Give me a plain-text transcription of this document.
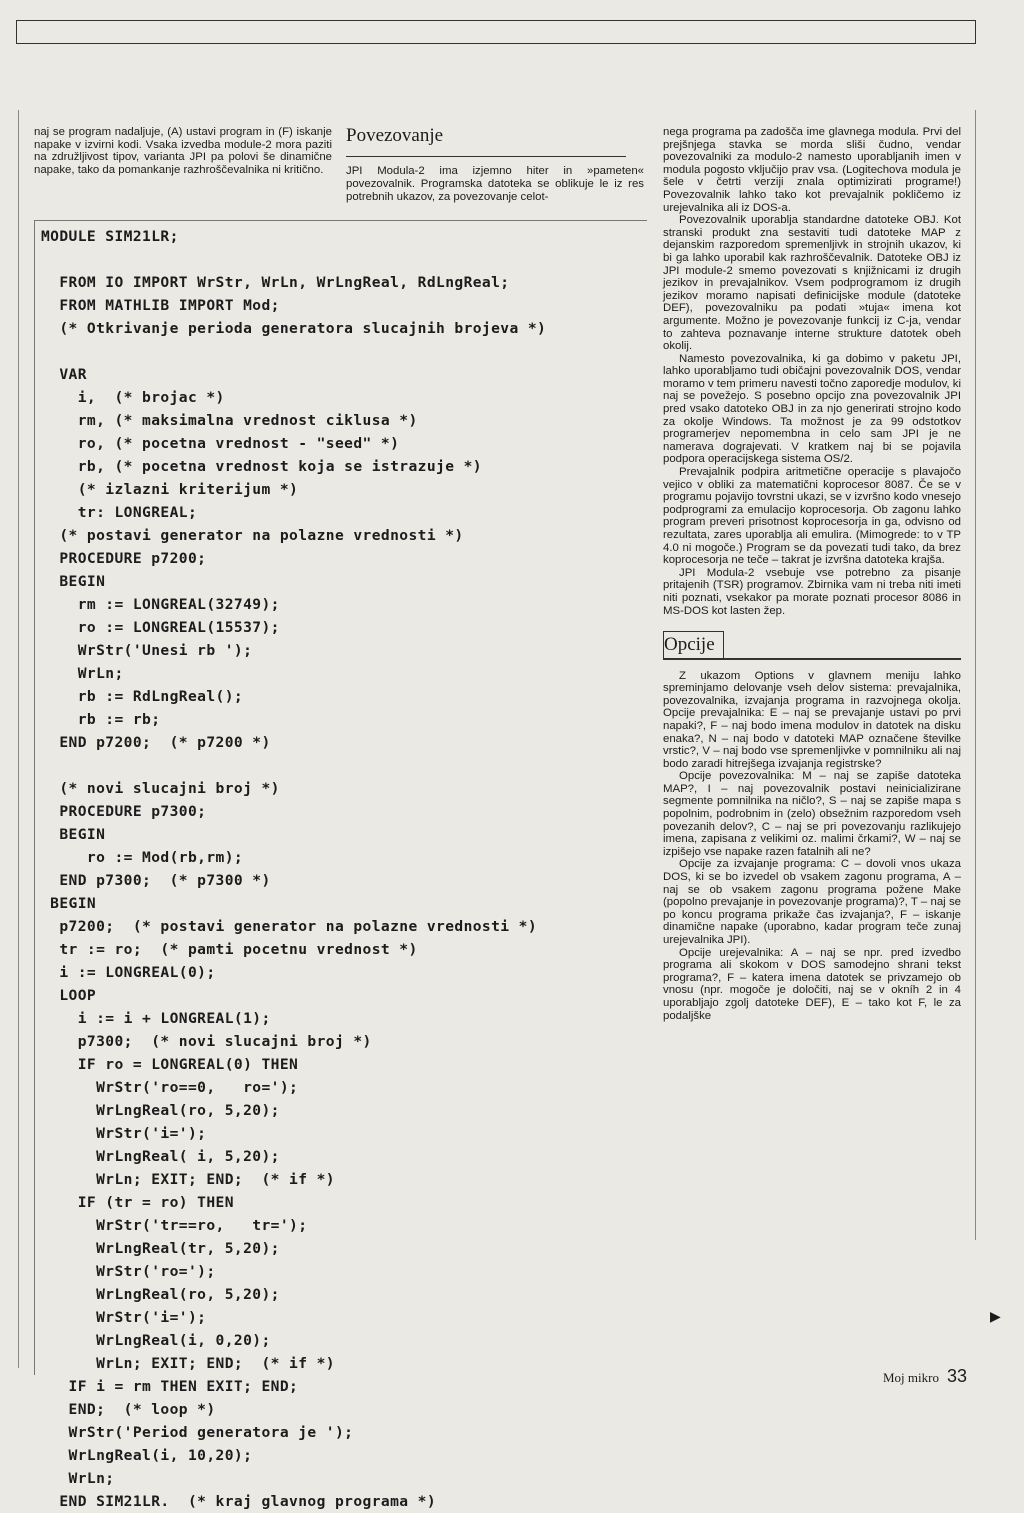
naj se program nadaljuje, (A) ustavi program in (F) iskanje napake v izvirni kodi. Vsaka izvedba module-2 mora paziti na združljivost tipov, varianta JPI pa polovi še dinamične napake, tako da pomankanje razhroščevalnika ni kritično.

Povezovanje

JPI Modula-2 ima izjemno hiter in »pameten« povezovalnik. Programska datoteka se oblikuje le iz res potrebnih ukazov, za povezovanje celot-

MODULE SIM21LR;
FROM IO IMPORT WrStr, WrLn, WrLngReal, RdLngReal;
FROM MATHLIB IMPORT Mod;
(* Otkrivanje perioda generatora slucajnih brojeva *)
VAR
i,  (* brojac *)
rm, (* maksimalna vrednost ciklusa *)
ro, (* pocetna vrednost - "seed" *)
rb, (* pocetna vrednost koja se istrazuje *)
(* izlazni kriterijum *)
tr: LONGREAL;
(* postavi generator na polazne vrednosti *)
PROCEDURE p7200;
BEGIN
rm := LONGREAL(32749);
ro := LONGREAL(15537);
WrStr('Unesi rb ');
WrLn;
rb := RdLngReal();
rb := rb;
END p7200;  (* p7200 *)
(* novi slucajni broj *)
PROCEDURE p7300;
BEGIN
ro := Mod(rb,rm);
END p7300;  (* p7300 *)
BEGIN
p7200;  (* postavi generator na polazne vrednosti *)
tr := ro;  (* pamti pocetnu vrednost *)
i := LONGREAL(0);
LOOP
i := i + LONGREAL(1);
p7300;  (* novi slucajni broj *)
IF ro = LONGREAL(0) THEN
WrStr('ro==0,   ro=');
WrLngReal(ro, 5,20);
WrStr('i=');
WrLngReal( i, 5,20);
WrLn; EXIT; END;  (* if *)
IF (tr = ro) THEN
WrStr('tr==ro,   tr=');
WrLngReal(tr, 5,20);
WrStr('ro=');
WrLngReal(ro, 5,20);
WrStr('i=');
WrLngReal(i, 0,20);
WrLn; EXIT; END;  (* if *)
IF i = rm THEN EXIT; END;
END;  (* loop *)
WrStr('Period generatora je ');
WrLngReal(i, 10,20);
WrLn;
END SIM21LR.  (* kraj glavnog programa *)

nega programa pa zadošča ime glavnega modula. Prvi del prejšnjega stavka se morda sliši čudno, vendar povezovalniki za modulo-2 namesto uporabljanih imen v modula pogosto vključijo prav vsa. (Logitechova modula je šele v četrti verziji znala optimizirati programe!) Povezovalnik lahko tako kot prevajalnik pokličemo iz urejevalnika ali iz DOS-a.

Povezovalnik uporablja standardne datoteke OBJ. Kot stranski produkt zna sestaviti tudi datoteke MAP z dejanskim razporedom spremenljivk in strojnih ukazov, ki bi ga lahko uporabil kak razhroščevalnik. Datoteke OBJ iz JPI module-2 smemo povezovati s knjižnicami iz drugih jezikov in prevajalnikov. Vsem podprogramom iz drugih jezikov moramo napisati definicijske module (datoteke DEF), povezovalniku pa podati »tuja« imena kot argumente. Možno je povezovanje funkcij iz C-ja, vendar to zahteva poznavanje interne strukture datotek obeh okolij.

Namesto povezovalnika, ki ga dobimo v paketu JPI, lahko uporabljamo tudi običajni povezovalnik DOS, vendar moramo v tem primeru navesti točno zaporedje modulov, ki naj se povežejo. S posebno opcijo zna povezovalnik JPI pred vsako datoteko OBJ in za njo generirati strojno kodo za okolje Windows. Ta možnost je za 99 odstotkov programerjev nepomembna in celo sam JPI je ne namerava dograjevati. V kratkem naj bi se pojavila podpora operacijskega sistema OS/2.

Prevajalnik podpira aritmetične operacije s plavajočo vejico v obliki za matematični koprocesor 8087. Če se v programu pojavijo tovrstni ukazi, se v izvršno kodo vnesejo podprogrami za emulacijo koprocesorja. Ob zagonu lahko program preveri prisotnost koprocesorja in ga, odvisno od rezultata, zares uporablja ali emulira. (Mimogrede: to v TP 4.0 ni mogoče.) Program se da povezati tudi tako, da brez koprocesorja ne teče – takrat je izvršna datoteka krajša.

JPI Modula-2 vsebuje vse potrebno za pisanje pritajenih (TSR) programov. Zbirnika vam ni treba niti imeti niti poznati, vsekakor pa morate poznati procesor 8086 in MS-DOS kot lasten žep.

Opcije

Z ukazom Options v glavnem meniju lahko spreminjamo delovanje vseh delov sistema: prevajalnika, povezovalnika, izvajanja programa in razvojnega okolja. Opcije prevajalnika: E – naj se prevajanje ustavi po prvi napaki?, F – naj bodo imena modulov in datotek na disku enaka?, N – naj bodo v datoteki MAP označene številke vrstic?, V – naj bodo vse spremenljivke v pomnilniku ali naj bodo zaradi hitrejšega izvajanja registrske?

Opcije povezovalnika: M – naj se zapiše datoteka MAP?, I – naj povezovalnik postavi neinicializirane segmente pomnilnika na ničlo?, S – naj se zapiše mapa s popolnim, podrobnim in (zelo) obsežnim razporedom vseh povezanih delov?, C – naj se pri povezovanju razlikujejo imena, zapisana z velikimi oz. malimi črkami?, W – naj se izpišejo vse napake razen fatalnih ali ne?

Opcije za izvajanje programa: C – dovoli vnos ukaza DOS, ki se bo izvedel ob vsakem zagonu programa, A – naj se ob vsakem zagonu programa požene Make (popolno prevajanje in povezovanje programa)?, T – naj se po koncu programa prikaže čas izvajanja?, F – iskanje dinamične napake (uporabno, kadar program teče zunaj urejevalnika JPI).

Opcije urejevalnika: A – naj se npr. pred izvedbo programa ali skokom v DOS samodejno shrani tekst programa?, F – katera imena datotek se privzamejo ob vnosu (npr. mogoče je določiti, naj se v okníh 2 in 4 uporabljajo zgolj datoteke DEF), E – tako kot F, le za podaljške

▶
Moj mikro 33
